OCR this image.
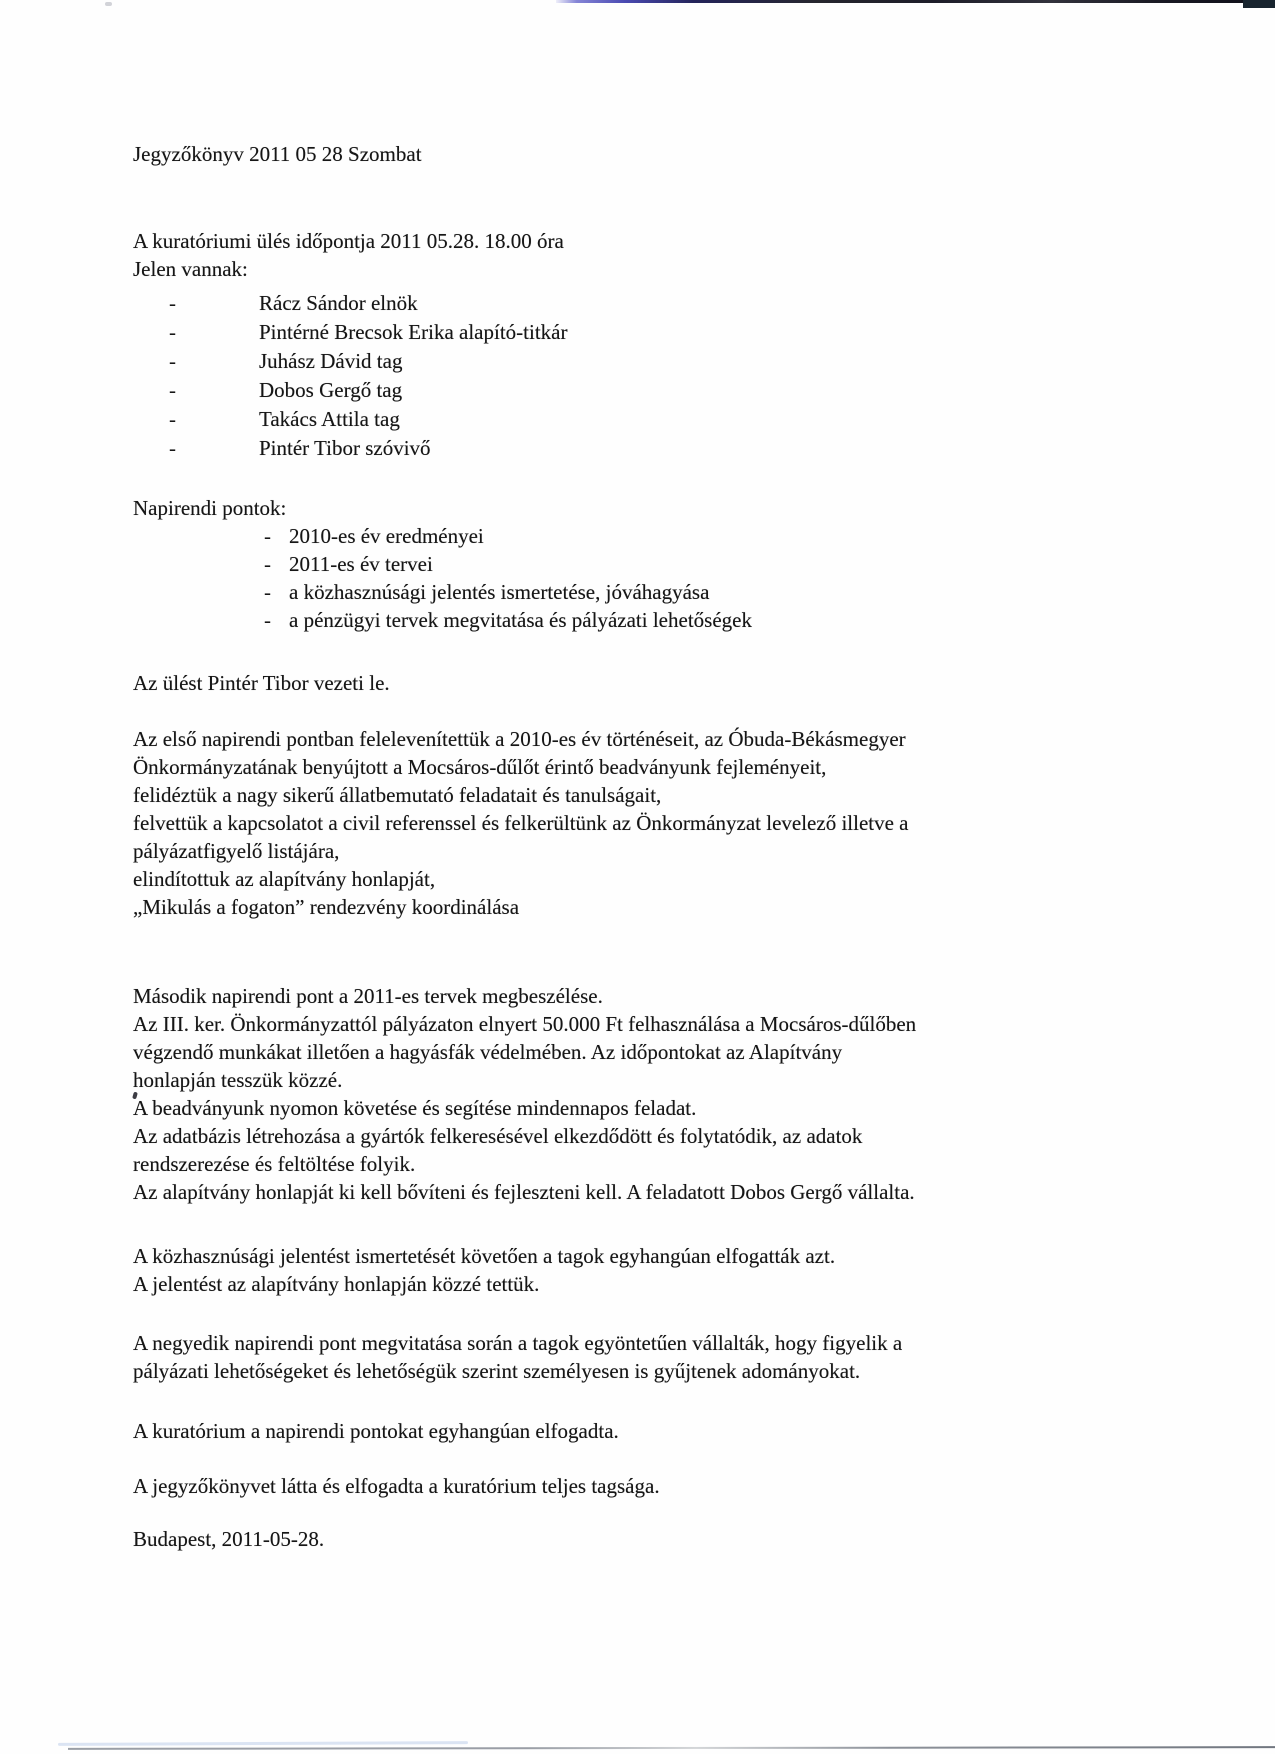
Jegyzőkönyv 2011 05 28 Szombat
A kuratóriumi ülés időpontja 2011 05.28. 18.00 óra
Jelen vannak:
-	Rácz Sándor elnök
-	Pintérné Brecsok Erika alapító-titkár
-	Juhász Dávid tag
-	Dobos Gergő tag
-	Takács Attila tag
-	Pintér Tibor szóvivő
Napirendi pontok:
- 2010-es év eredményei
- 2011-es év tervei
- a közhasznúsági jelentés ismertetése, jóváhagyása
- a pénzügyi tervek megvitatása és pályázati lehetőségek
Az ülést Pintér Tibor vezeti le.
Az első napirendi pontban felelevenítettük a 2010-es év történéseit, az Óbuda-Békásmegyer
Önkormányzatának benyújtott a Mocsáros-dűlőt érintő beadványunk fejleményeit,
felidéztük a nagy sikerű állatbemutató feladatait és tanulságait,
felvettük a kapcsolatot a civil referenssel és felkerültünk az Önkormányzat levelező illetve a
pályázatfigyelő listájára,
elindítottuk az alapítvány honlapját,
„Mikulás a fogaton” rendezvény koordinálása
Második napirendi pont a 2011-es tervek megbeszélése.
Az III. ker. Önkormányzattól pályázaton elnyert 50.000 Ft felhasználása a Mocsáros-dűlőben
végzendő munkákat illetően a hagyásfák védelmében. Az időpontokat az Alapítvány
honlapján tesszük közzé.
A beadványunk nyomon követése és segítése mindennapos feladat.
Az adatbázis létrehozása a gyártók felkeresésével elkezdődött és folytatódik, az adatok
rendszerezése és feltöltése folyik.
Az alapítvány honlapját ki kell bővíteni és fejleszteni kell. A feladatott Dobos Gergő vállalta.
A közhasznúsági jelentést ismertetését követően a tagok egyhangúan elfogatták azt.
A jelentést az alapítvány honlapján közzé tettük.
A negyedik napirendi pont megvitatása során a tagok egyöntetűen vállalták, hogy figyelik a
pályázati lehetőségeket és lehetőségük szerint személyesen is gyűjtenek adományokat.
A kuratórium a napirendi pontokat egyhangúan elfogadta.
A jegyzőkönyvet látta és elfogadta a kuratórium teljes tagsága.
Budapest, 2011-05-28.
